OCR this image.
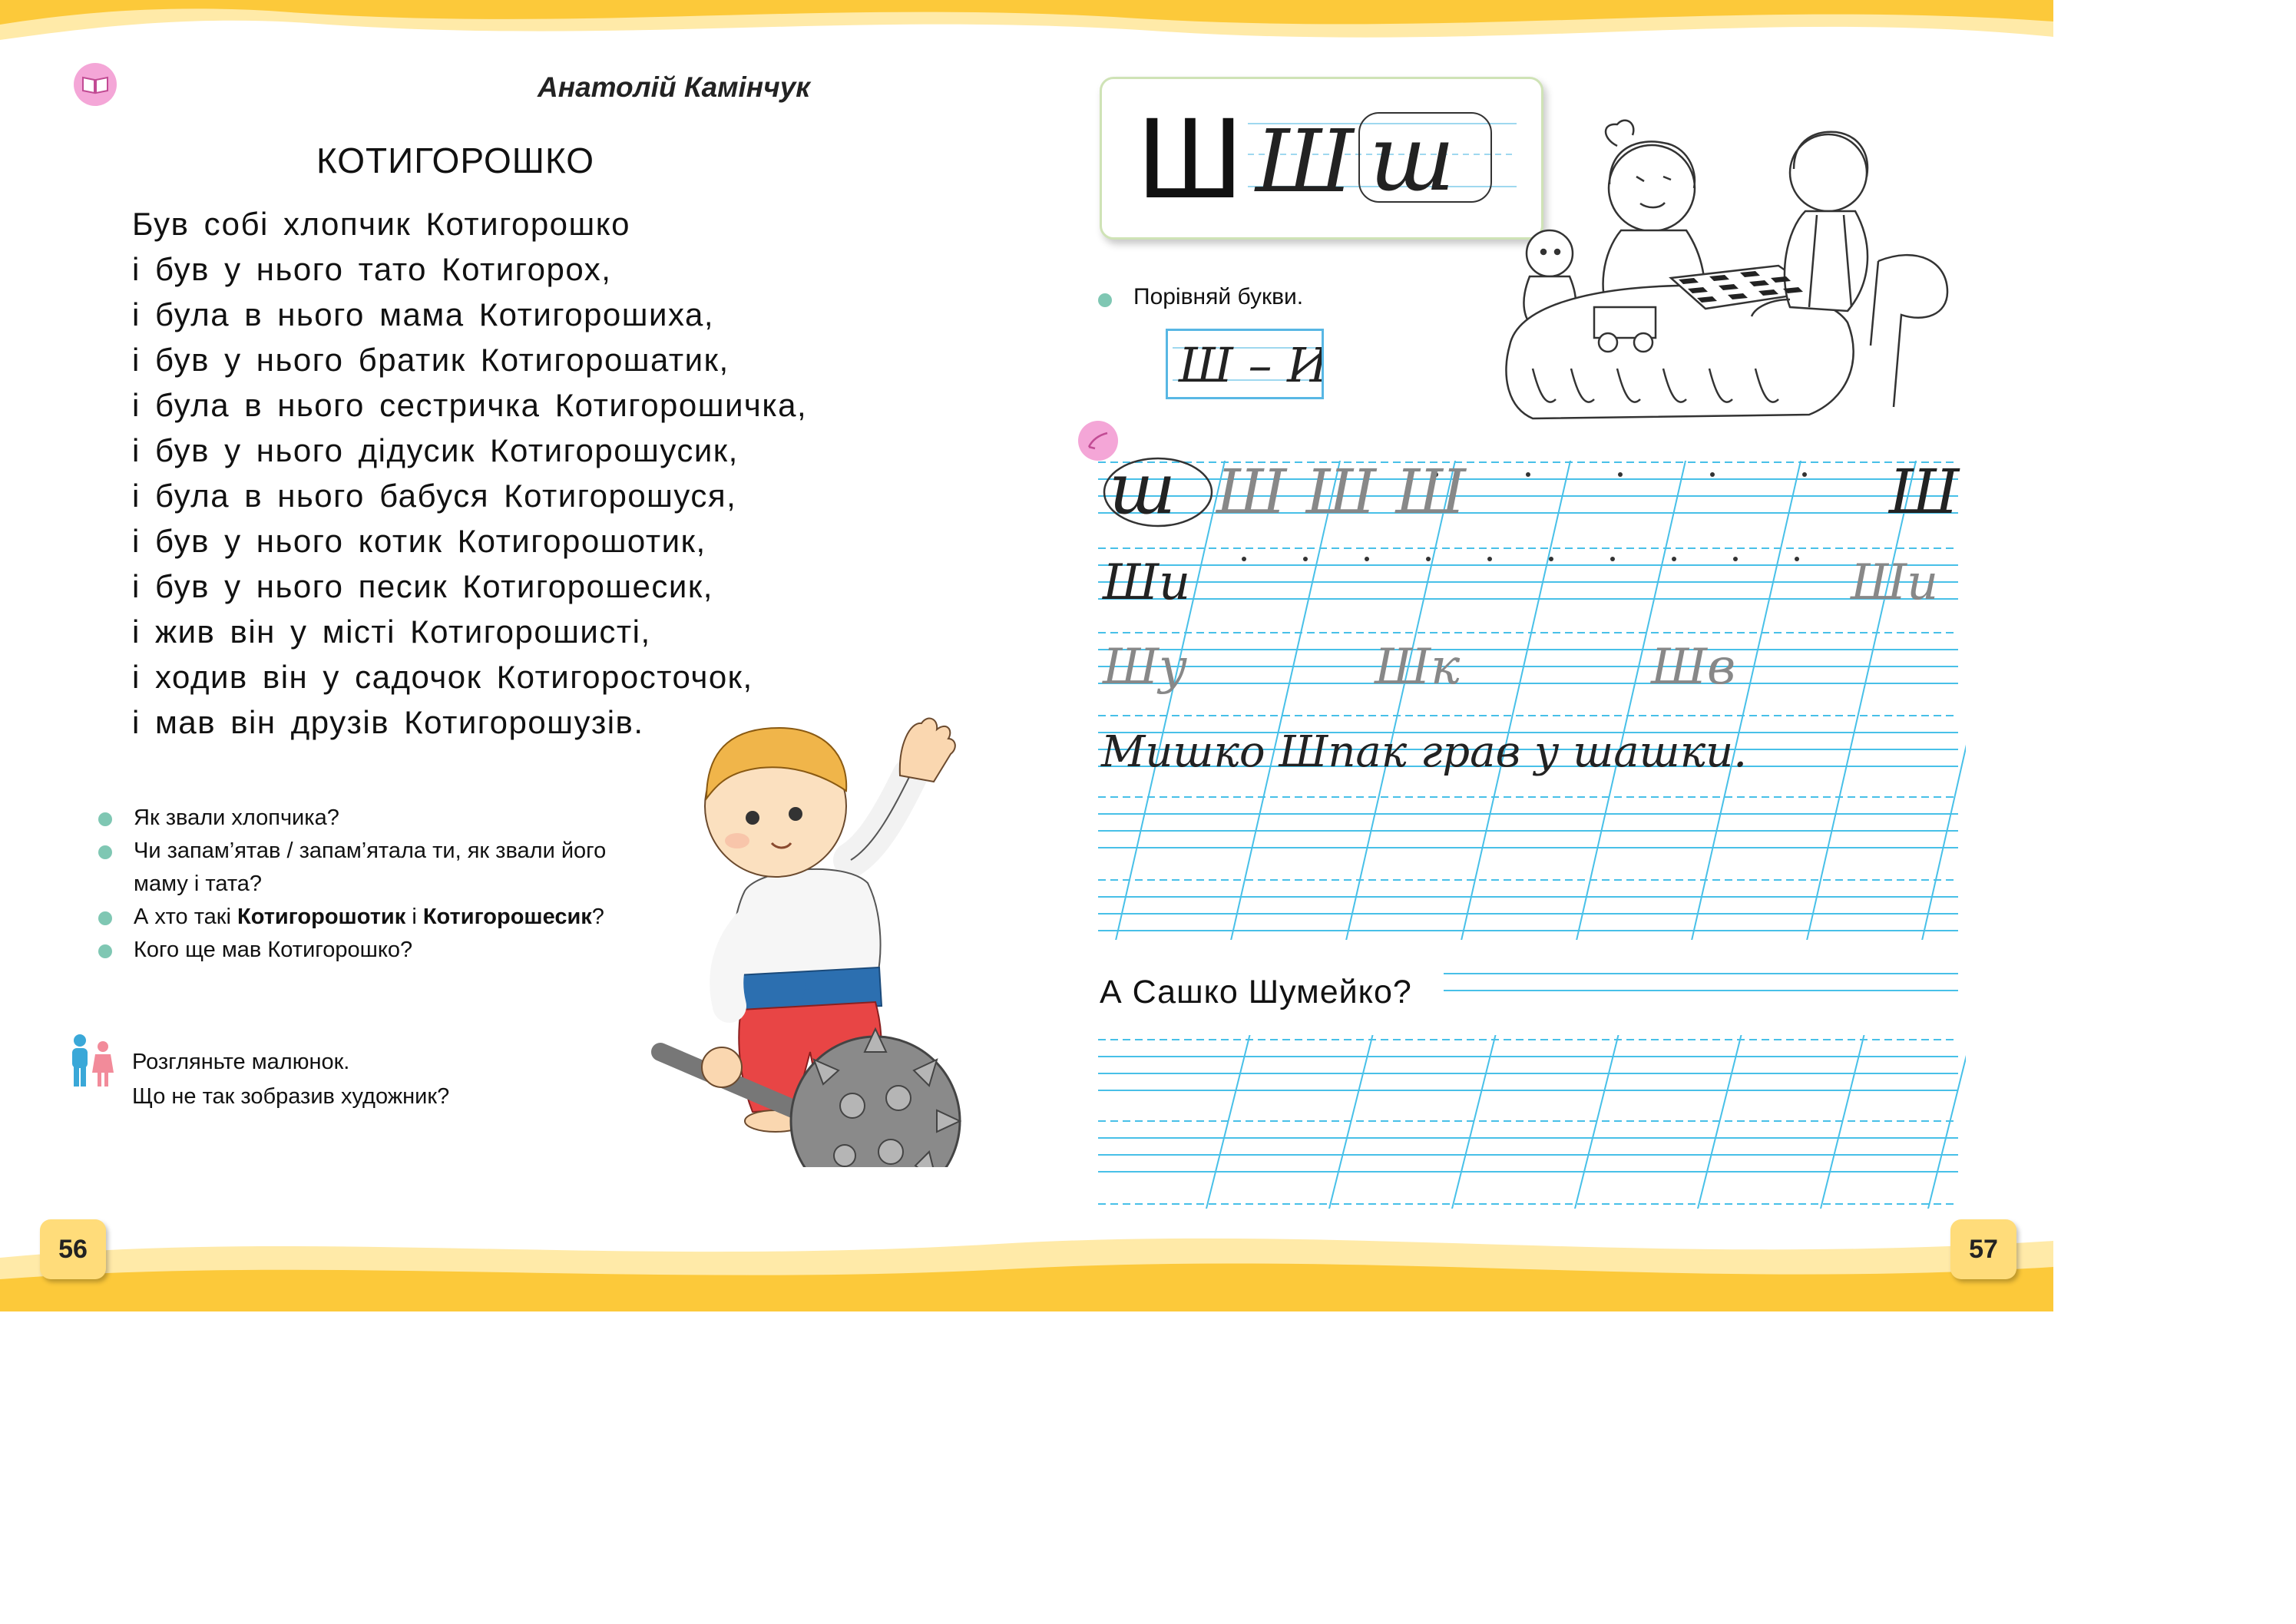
Анатолій Камінчук
КОТИГОРОШКО
Був собі хлопчик Котигорошко
і був у нього тато Котигорох,
і була в нього мама Котигорошиха,
і був у нього братик Котигорошатик,
і була в нього сестричка Котигорошичка,
і був у нього дідусик Котигорошусик,
і була в нього бабуся Котигорошуся,
і був у нього котик Котигорошотик,
і був у нього песик Котигорошесик,
і жив він у місті Котигорошисті,
і ходив він у садочок Котигоросточок,
і мав він друзів Котигорошузів.
Як звали хлопчика?
Чи запам’ятав / запам’ятала ти, як звали його
маму і тата?
А хто такі Котигорошотик і Котигорошесик?
Кого ще мав Котигорошко?
Розгляньте малюнок.
Що не так зобразив художник?
56
Ш Ш ш
Порівняй букви.
Ш – И
ш Ш Ш Ш	Ш
Ши	Ши
Шу	Шк	Шв
Мишко Шпак грав у шашки.
А Сашко Шумейко?
57
